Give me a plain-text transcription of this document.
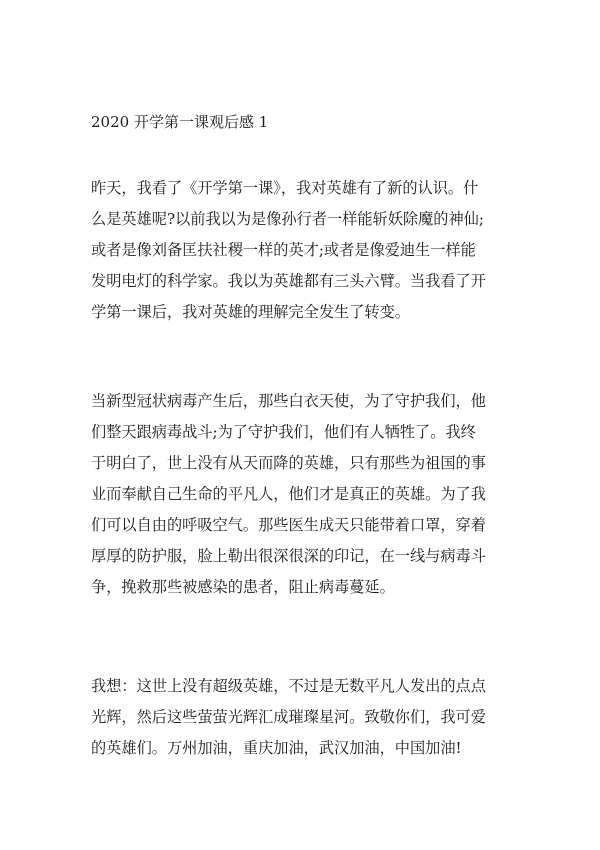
2020 开学第一课观后感 1

昨天，我看了《开学第一课》，我对英雄有了新的认识。什
么是英雄呢?以前我以为是像孙行者一样能斩妖除魔的神仙;
或者是像刘备匡扶社稷一样的英才;或者是像爱迪生一样能
发明电灯的科学家。我以为英雄都有三头六臂。当我看了开
学第一课后，我对英雄的理解完全发生了转变。

当新型冠状病毒产生后，那些白衣天使，为了守护我们，他
们整天跟病毒战斗;为了守护我们，他们有人牺牲了。我终
于明白了，世上没有从天而降的英雄，只有那些为祖国的事
业而奉献自己生命的平凡人，他们才是真正的英雄。为了我
们可以自由的呼吸空气。那些医生成天只能带着口罩，穿着
厚厚的防护服，脸上勒出很深很深的印记，在一线与病毒斗
争，挽救那些被感染的患者，阻止病毒蔓延。

我想：这世上没有超级英雄，不过是无数平凡人发出的点点
光辉，然后这些萤萤光辉汇成璀璨星河。致敬你们，我可爱
的英雄们。万州加油，重庆加油，武汉加油，中国加油!
